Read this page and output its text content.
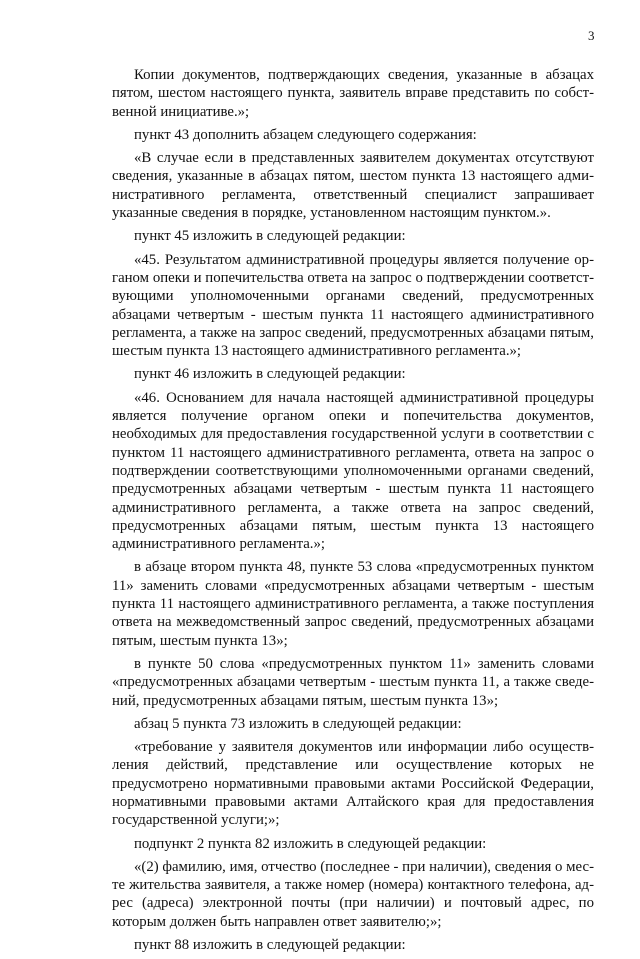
3

Копии документов, подтверждающих сведения, указанные в абзацах пятом, шестом настоящего пункта, заявитель вправе представить по собственной инициативе.»;

пункт 43 дополнить абзацем следующего содержания:

«В случае если в представленных заявителем документах отсутствуют сведения, указанные в абзацах пятом, шестом пункта 13 настоящего административного регламента, ответственный специалист запрашивает указанные сведения в порядке, установленном настоящим пунктом.».

пункт 45 изложить в следующей редакции:

«45. Результатом административной процедуры является получение органом опеки и попечительства ответа на запрос о подтверждении соответствующими уполномоченными органами сведений, предусмотренных абзацами четвертым - шестым пункта 11 настоящего административного регламента, а также на запрос сведений, предусмотренных абзацами пятым, шестым пункта 13 настоящего административного регламента.»;

пункт 46 изложить в следующей редакции:

«46. Основанием для начала настоящей административной процедуры является получение органом опеки и попечительства документов, необходимых для предоставления государственной услуги в соответствии с пунктом 11 настоящего административного регламента, ответа на запрос о подтверждении соответствующими уполномоченными органами сведений, предусмотренных абзацами четвертым - шестым пункта 11 настоящего административного регламента, а также ответа на запрос сведений, предусмотренных абзацами пятым, шестым пункта 13 настоящего административного регламента.»;

в абзаце втором пункта 48, пункте 53 слова «предусмотренных пунктом 11» заменить словами «предусмотренных абзацами четвертым - шестым пункта 11 настоящего административного регламента, а также поступления ответа на межведомственный запрос сведений, предусмотренных абзацами пятым, шестым пункта 13»;

в пункте 50 слова «предусмотренных пунктом 11» заменить словами «предусмотренных абзацами четвертым - шестым пункта 11, а также сведений, предусмотренных абзацами пятым, шестым пункта 13»;

абзац 5 пункта 73 изложить в следующей редакции:

«требование у заявителя документов или информации либо осуществления действий, представление или осуществление которых не предусмотрено нормативными правовыми актами Российской Федерации, нормативными правовыми актами Алтайского края для предоставления государственной услуги;»;

подпункт 2 пункта 82 изложить в следующей редакции:

«(2) фамилию, имя, отчество (последнее - при наличии), сведения о месте жительства заявителя, а также номер (номера) контактного телефона, адрес (адреса) электронной почты (при наличии) и почтовый адрес, по которым должен быть направлен ответ заявителю;»;

пункт 88 изложить в следующей редакции:
